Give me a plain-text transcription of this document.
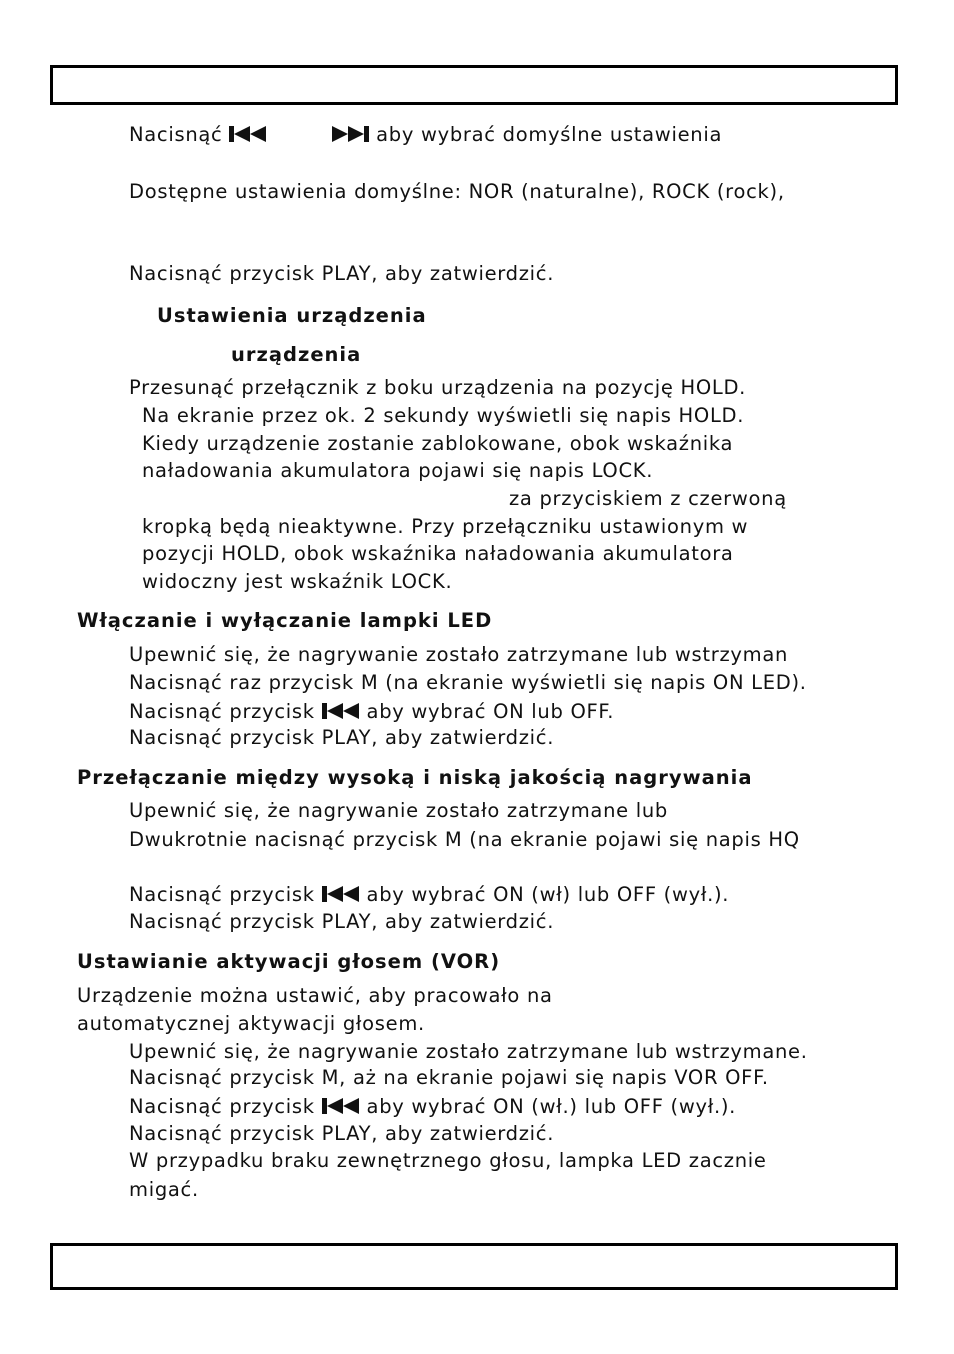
Nacisnąć
	aby wybrać domyślne ustawienia
Dostępne ustawienia domyślne: NOR (naturalne), ROCK (rock),
Nacisnąć przycisk PLAY, aby zatwierdzić.
Ustawienia urządzenia
urządzenia
Przesunąć przełącznik z boku urządzenia na pozycję HOLD.
Na ekranie przez ok. 2 sekundy wyświetli się napis HOLD.
Kiedy urządzenie zostanie zablokowane, obok wskaźnika
naładowania akumulatora pojawi się napis LOCK.
za przyciskiem z czerwoną
kropką będą nieaktywne. Przy przełączniku ustawionym w
pozycji HOLD, obok wskaźnika naładowania akumulatora
widoczny jest wskaźnik LOCK.
Włączanie i wyłączanie lampki LED
Upewnić się, że nagrywanie zostało zatrzymane lub wstrzyman
Nacisnąć raz przycisk M (na ekranie wyświetli się napis ON LED).
Nacisnąć przycisk	aby wybrać ON lub OFF.
Nacisnąć przycisk PLAY, aby zatwierdzić.
Przełączanie między wysoką i niską jakością nagrywania
Upewnić się, że nagrywanie zostało zatrzymane lub
Dwukrotnie nacisnąć przycisk M (na ekranie pojawi się napis HQ
Nacisnąć przycisk	aby wybrać ON (wł) lub OFF (wył.).
Nacisnąć przycisk PLAY, aby zatwierdzić.
Ustawianie aktywacji głosem (VOR)
Urządzenie można ustawić, aby pracowało na
automatycznej aktywacji głosem.
Upewnić się, że nagrywanie zostało zatrzymane lub wstrzymane.
Nacisnąć przycisk M, aż na ekranie pojawi się napis VOR OFF.
Nacisnąć przycisk	aby wybrać ON (wł.) lub OFF (wył.).
Nacisnąć przycisk PLAY, aby zatwierdzić.
W przypadku braku zewnętrznego głosu, lampka LED zacznie
migać.
